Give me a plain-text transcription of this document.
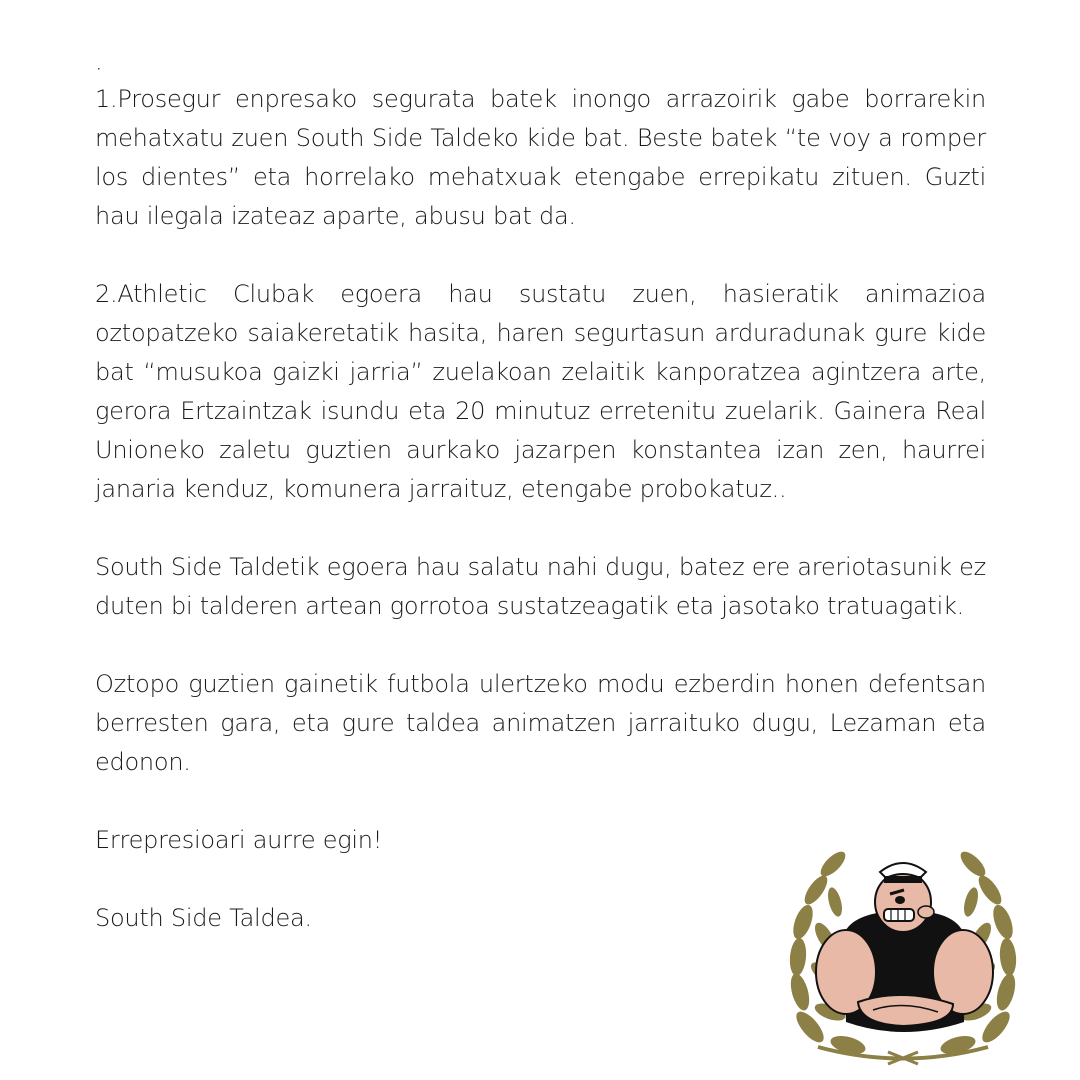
·

1.Prosegur enpresako segurata batek inongo arrazoirik gabe borrarekin mehatxatu zuen South Side Taldeko kide bat. Beste batek “te voy a romper los dientes” eta horrelako mehatxuak etengabe errepikatu zituen. Guzti hau ilegala izateaz aparte, abusu bat da.

2.Athletic Clubak egoera hau sustatu zuen, hasieratik animazioa oztopatzeko saiakeretatik hasita, haren segurtasun arduradunak gure kide bat “musukoa gaizki jarria” zuelakoan zelaitik kanporatzea agintzera arte, gerora Ertzaintzak isundu eta 20 minutuz erretenitu zuelarik. Gainera Real Unioneko zaletu guztien aurkako jazarpen konstantea izan zen, haurrei janaria kenduz, komunera jarraituz, etengabe probokatuz..

South Side Taldetik egoera hau salatu nahi dugu, batez ere areriotasunik ez duten bi talderen artean gorrotoa sustatzeagatik eta jasotako tratuagatik.

Oztopo guztien gainetik futbola ulertzeko modu ezberdin honen defentsan berresten gara, eta gure taldea animatzen jarraituko dugu, Lezaman eta edonon.

Errepresioari aurre egin!

South Side Taldea.
